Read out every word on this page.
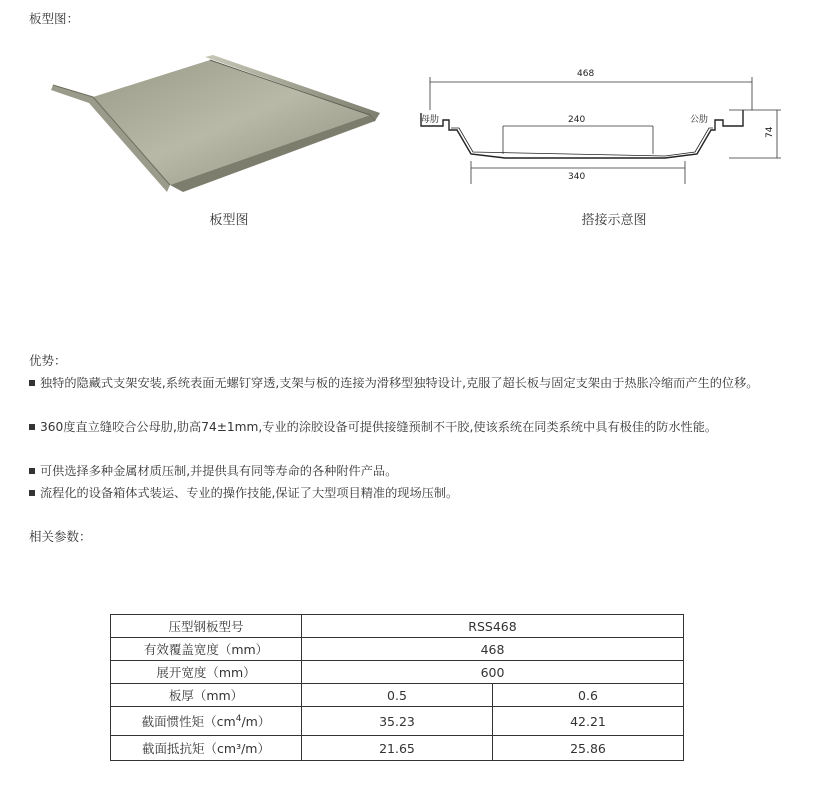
板型图：
板型图
468
母肋	公肋
240
340
74
搭接示意图
优势：
独特的隐藏式支架安装,系统表面无螺钉穿透,支架与板的连接为滑移型独特设计,克服了超长板与固定支架由于热胀冷缩而产生的位移。
360度直立缝咬合公母肋,肋高74±1mm,专业的涂胶设备可提供接缝预制不干胶,使该系统在同类系统中具有极佳的防水性能。
可供选择多种金属材质压制,并提供具有同等寿命的各种附件产品。
流程化的设备箱体式装运、专业的操作技能,保证了大型项目精准的现场压制。
相关参数：
压型钢板型号	RSS468	
有效覆盖宽度（mm）	468	
展开宽度（mm）	600	
板厚（mm）	0.5	0.6
截面惯性矩$(cm^4/m)$	35.23	42.21
截面抵抗矩（cm³/m）	21.65	25.86
